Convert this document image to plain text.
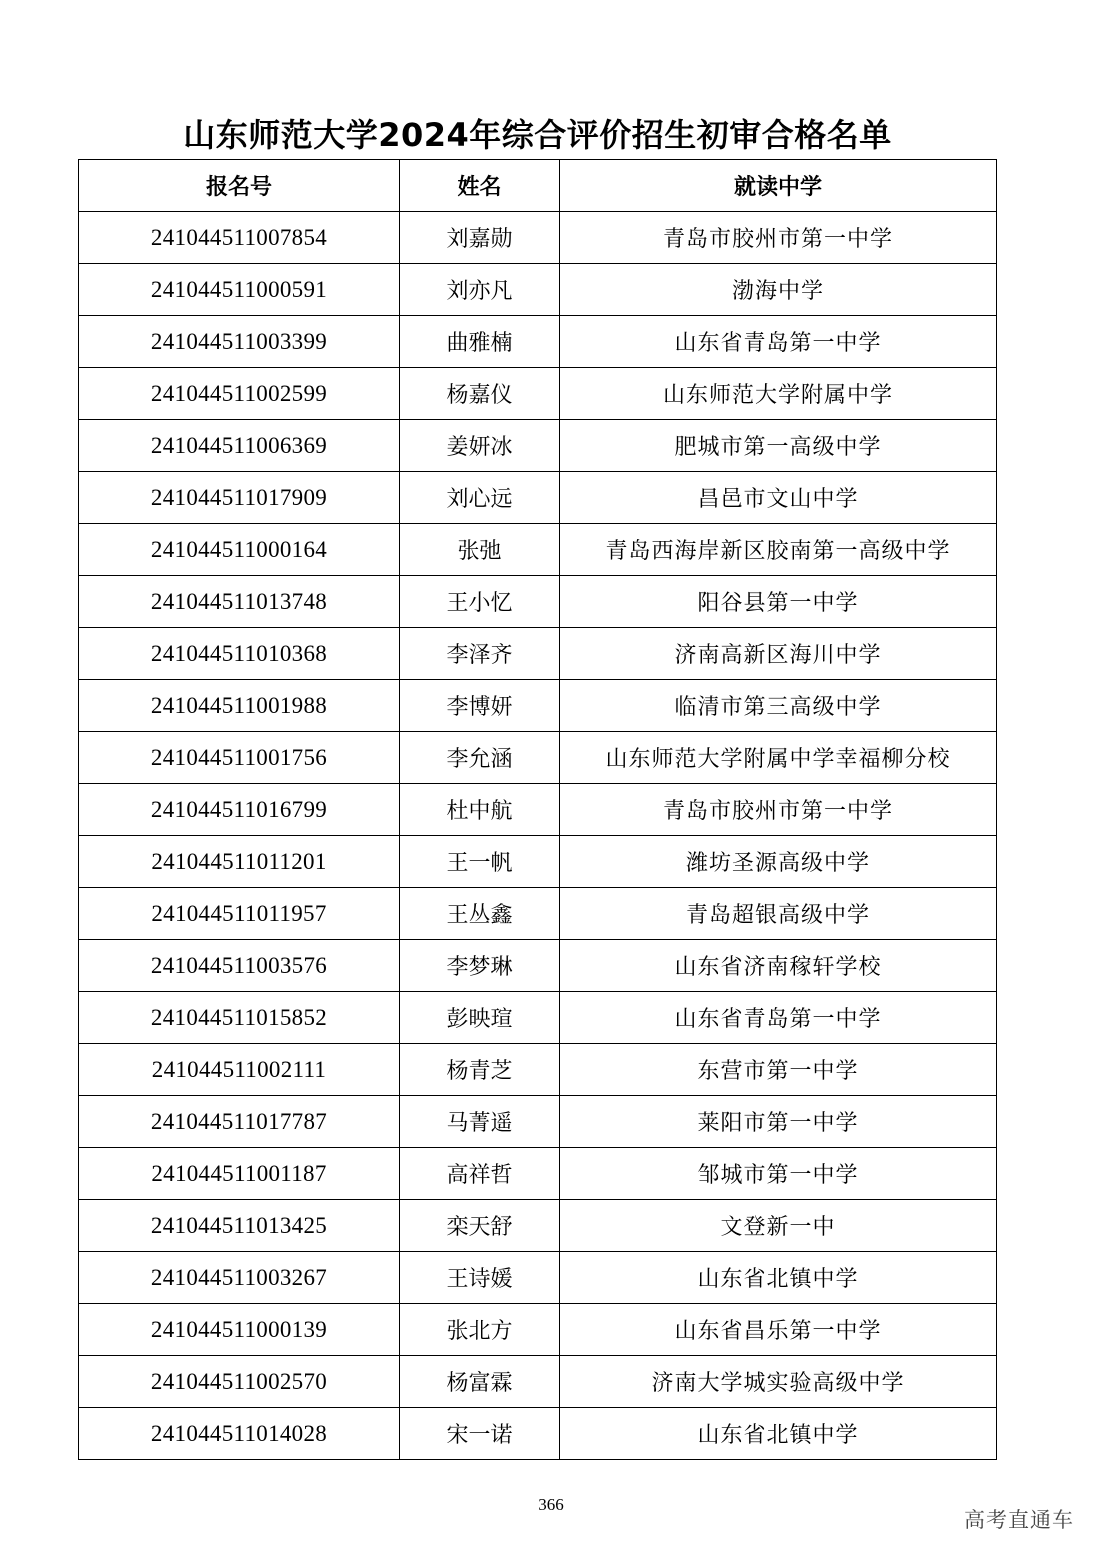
山东师范大学2024年综合评价招生初审合格名单
报名号	姓名	就读中学
241044511007854	刘嘉勋	青岛市胶州市第一中学
241044511000591	刘亦凡	渤海中学
241044511003399	曲雅楠	山东省青岛第一中学
241044511002599	杨嘉仪	山东师范大学附属中学
241044511006369	姜妍冰	肥城市第一高级中学
241044511017909	刘心远	昌邑市文山中学
241044511000164	张弛	青岛西海岸新区胶南第一高级中学
241044511013748	王小忆	阳谷县第一中学
241044511010368	李泽齐	济南高新区海川中学
241044511001988	李博妍	临清市第三高级中学
241044511001756	李允涵	山东师范大学附属中学幸福柳分校
241044511016799	杜中航	青岛市胶州市第一中学
241044511011201	王一帆	潍坊圣源高级中学
241044511011957	王丛鑫	青岛超银高级中学
241044511003576	李梦琳	山东省济南稼轩学校
241044511015852	彭映瑄	山东省青岛第一中学
241044511002111	杨青芝	东营市第一中学
241044511017787	马菁遥	莱阳市第一中学
241044511001187	高祥哲	邹城市第一中学
241044511013425	栾天舒	文登新一中
241044511003267	王诗媛	山东省北镇中学
241044511000139	张北方	山东省昌乐第一中学
241044511002570	杨富霖	济南大学城实验高级中学
241044511014028	宋一诺	山东省北镇中学
366
高考直通车
